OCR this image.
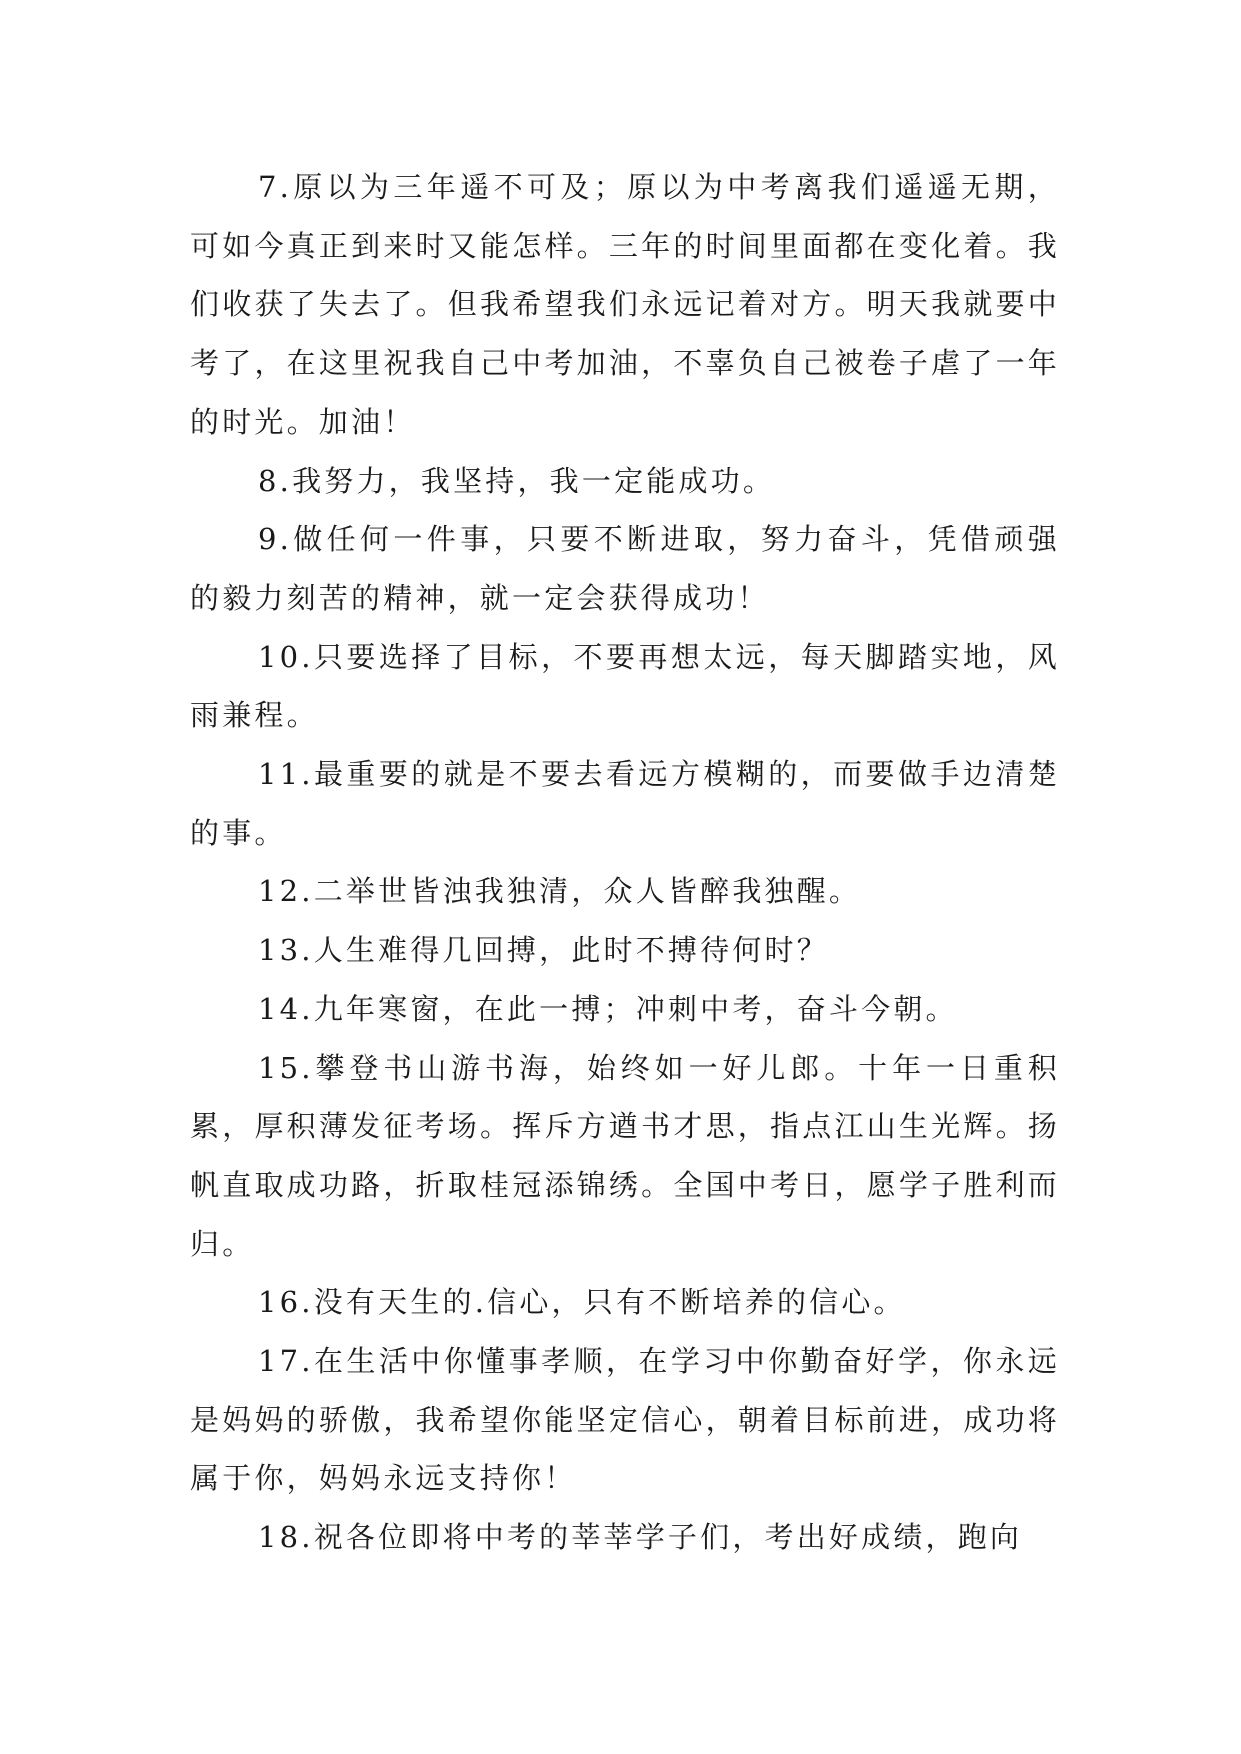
7.原以为三年遥不可及；原以为中考离我们遥遥无期，可如今真正到来时又能怎样。三年的时间里面都在变化着。我们收获了失去了。但我希望我们永远记着对方。明天我就要中考了，在这里祝我自己中考加油，不辜负自己被卷子虐了一年的时光。加油！

8.我努力，我坚持，我一定能成功。

9.做任何一件事，只要不断进取，努力奋斗，凭借顽强的毅力刻苦的精神，就一定会获得成功！

10.只要选择了目标，不要再想太远，每天脚踏实地，风雨兼程。

11.最重要的就是不要去看远方模糊的，而要做手边清楚的事。

12.二举世皆浊我独清，众人皆醉我独醒。

13.人生难得几回搏，此时不搏待何时？

14.九年寒窗，在此一搏；冲刺中考，奋斗今朝。

15.攀登书山游书海，始终如一好儿郎。十年一日重积累，厚积薄发征考场。挥斥方遒书才思，指点江山生光辉。扬帆直取成功路，折取桂冠添锦绣。全国中考日，愿学子胜利而归。

16.没有天生的.信心，只有不断培养的信心。

17.在生活中你懂事孝顺，在学习中你勤奋好学，你永远是妈妈的骄傲，我希望你能坚定信心，朝着目标前进，成功将属于你，妈妈永远支持你！

18.祝各位即将中考的莘莘学子们，考出好成绩，跑向
